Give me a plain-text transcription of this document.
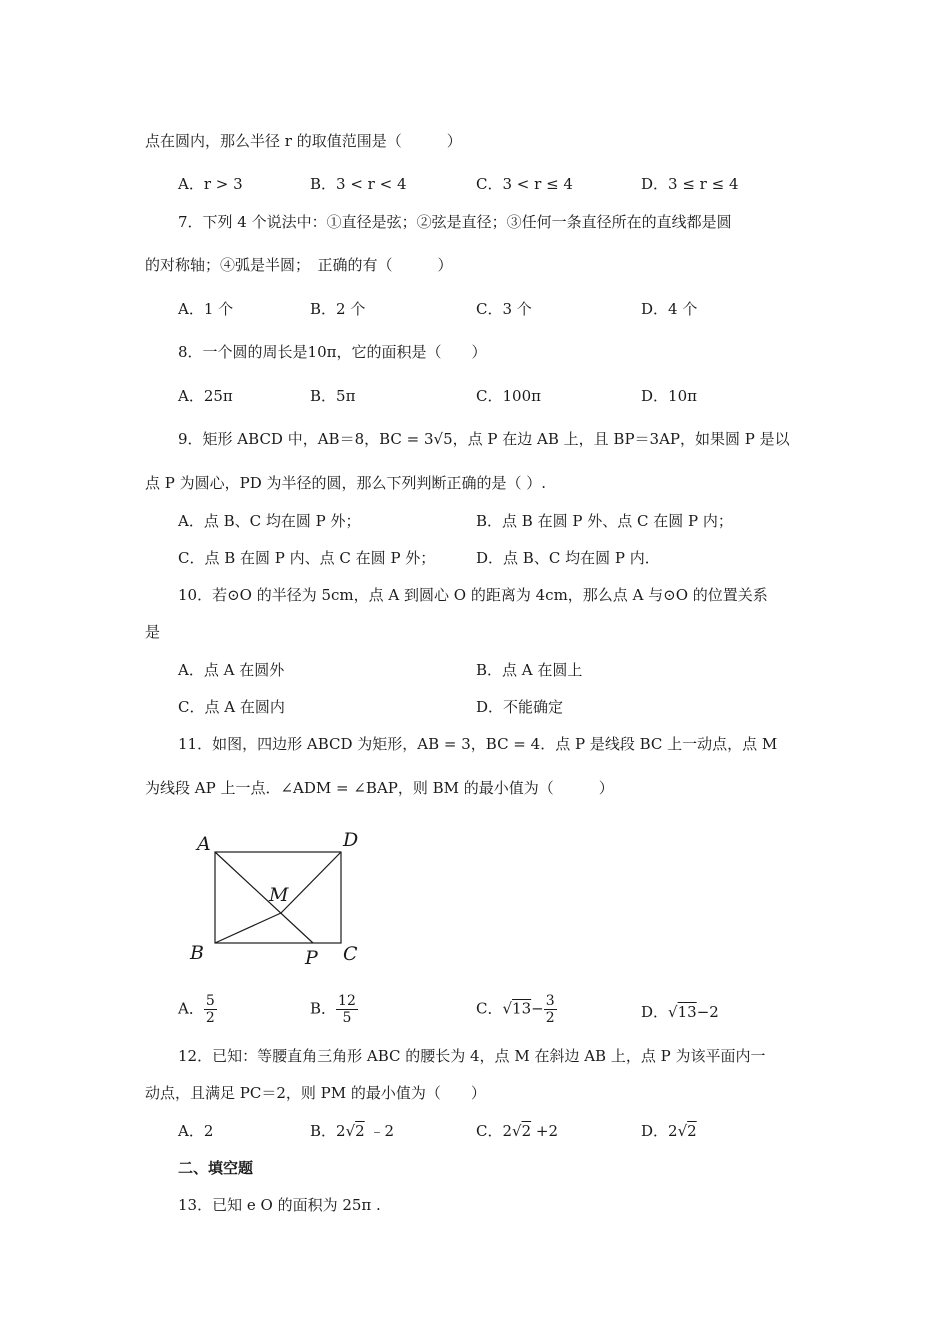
点在圆内，那么半径 r 的取值范围是（　　　）
A．r > 3	B．3 < r < 4	C．3 < r ≤ 4	D．3 ≤ r ≤ 4
7．下列 4 个说法中：①直径是弦；②弦是直径；③任何一条直径所在的直线都是圆
的对称轴；④弧是半圆；　正确的有（　　　）
A．1 个	B．2 个	C．3 个	D．4 个
8．一个圆的周长是10π，它的面积是（　　）
A．25π	B．5π	C．100π	D．10π
9．矩形 ABCD 中，AB＝8，BC = 3√5，点 P 在边 AB 上，且 BP＝3AP，如果圆 P 是以
点 P 为圆心，PD 为半径的圆，那么下列判断正确的是（ ）.
A．点 B、C 均在圆 P 外；	B．点 B 在圆 P 外、点 C 在圆 P 内；
C．点 B 在圆 P 内、点 C 在圆 P 外；	D．点 B、C 均在圆 P 内．
10．若⊙O 的半径为 5cm，点 A 到圆心 O 的距离为 4cm，那么点 A 与⊙O 的位置关系
是
A．点 A 在圆外	B．点 A 在圆上
C．点 A 在圆内	D．不能确定
11．如图，四边形 ABCD 为矩形，AB = 3，BC = 4．点 P 是线段 BC 上一动点，点 M
为线段 AP 上一点．∠ADM = ∠BAP，则 BM 的最小值为（　　　）
A	D
M
B	P C
A． $\frac{5}{2}$	B． $\frac{12}{5}$	C．$√13- \frac{3}{2}$	D．√13−2
12．已知：等腰直角三角形 ABC 的腰长为 4，点 M 在斜边 AB 上，点 P 为该平面内一
动点，且满足 PC＝2，则 PM 的最小值为（　　）
A．2	B．2√2 ﹣2	C．2√2 +2	D．2√2
二、填空题
13．已知 e O 的面积为 25π .
